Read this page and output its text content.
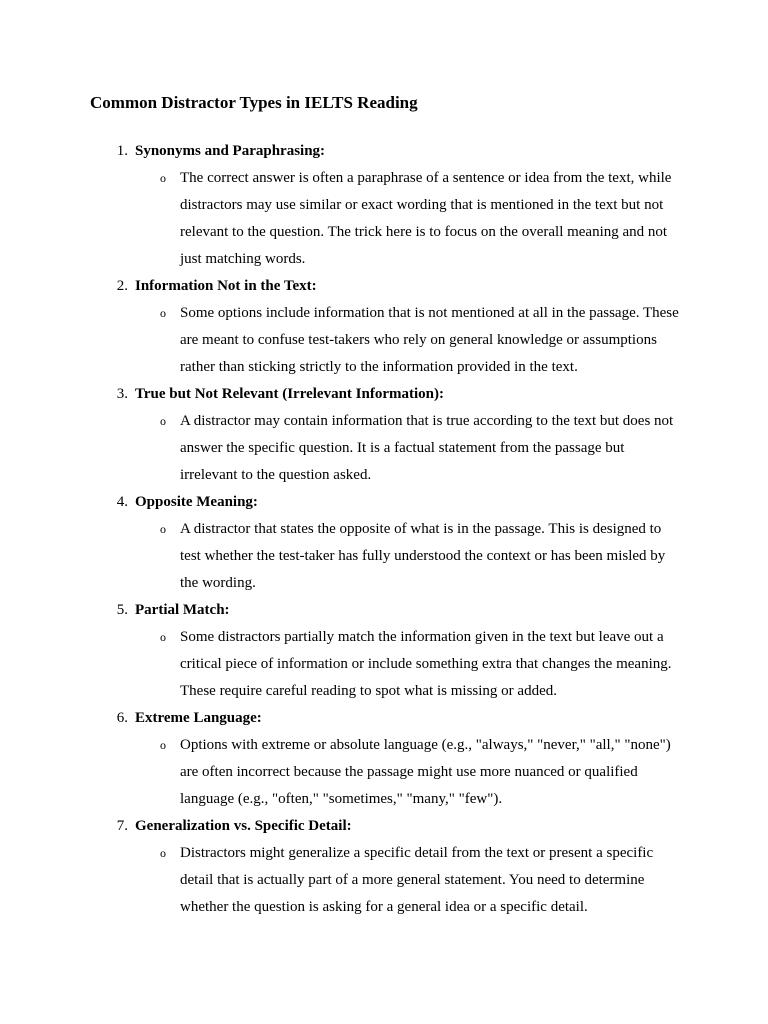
Common Distractor Types in IELTS Reading
1. Synonyms and Paraphrasing:
o The correct answer is often a paraphrase of a sentence or idea from the text, while distractors may use similar or exact wording that is mentioned in the text but not relevant to the question. The trick here is to focus on the overall meaning and not just matching words.

2. Information Not in the Text:
o Some options include information that is not mentioned at all in the passage. These are meant to confuse test-takers who rely on general knowledge or assumptions rather than sticking strictly to the information provided in the text.

3. True but Not Relevant (Irrelevant Information):
o A distractor may contain information that is true according to the text but does not answer the specific question. It is a factual statement from the passage but irrelevant to the question asked.

4. Opposite Meaning:
o A distractor that states the opposite of what is in the passage. This is designed to test whether the test-taker has fully understood the context or has been misled by the wording.

5. Partial Match:
o Some distractors partially match the information given in the text but leave out a critical piece of information or include something extra that changes the meaning. These require careful reading to spot what is missing or added.

6. Extreme Language:
o Options with extreme or absolute language (e.g., "always," "never," "all," "none") are often incorrect because the passage might use more nuanced or qualified language (e.g., "often," "sometimes," "many," "few").

7. Generalization vs. Specific Detail:
o Distractors might generalize a specific detail from the text or present a specific detail that is actually part of a more general statement. You need to determine whether the question is asking for a general idea or a specific detail.
